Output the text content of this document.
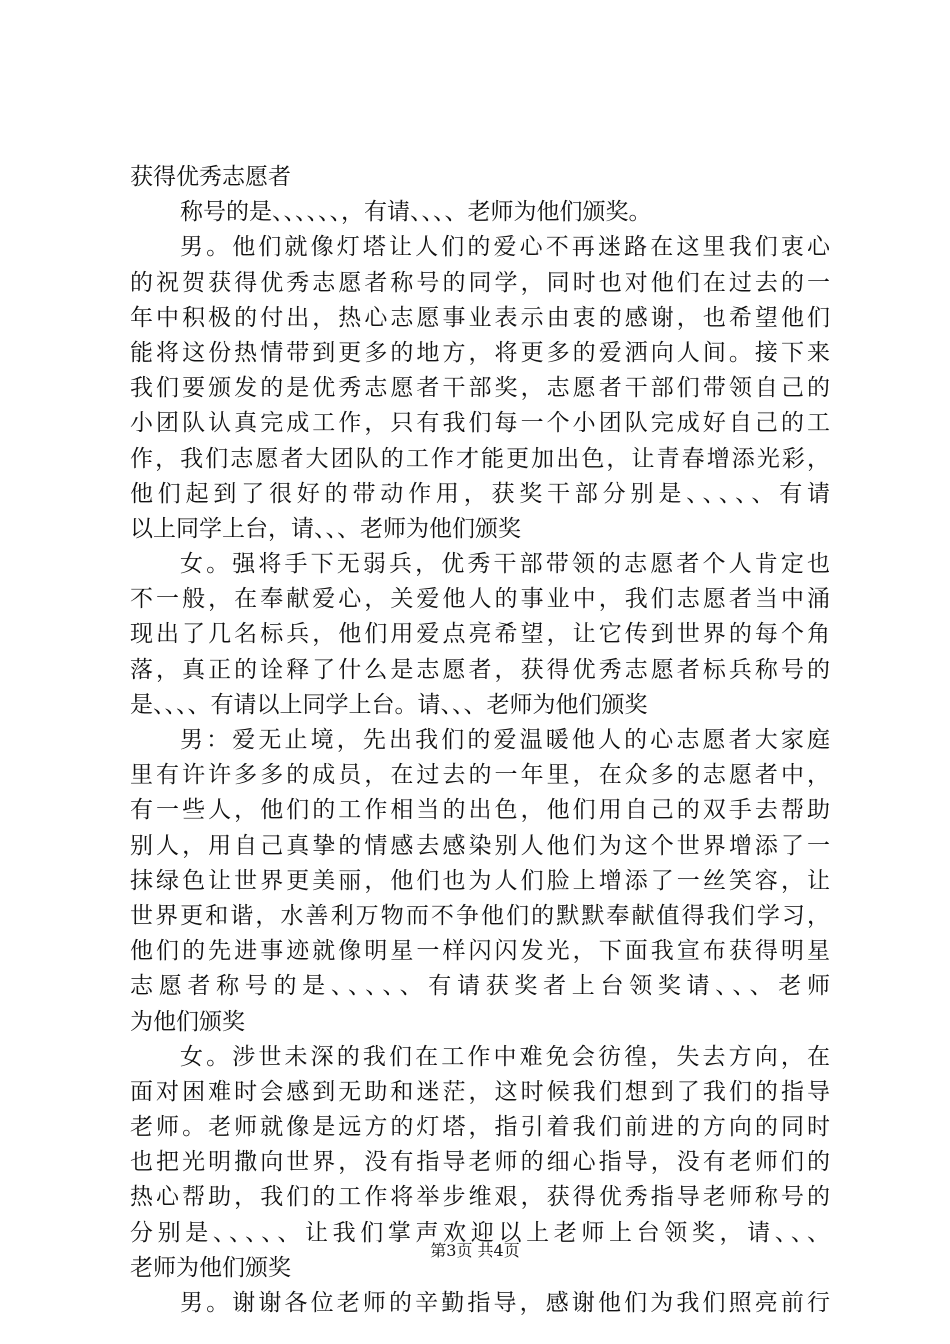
获得优秀志愿者

称号的是、、、、、、，有请、、、、老师为他们颁奖。

男。他们就像灯塔让人们的爱心不再迷路在这里我们衷心

的祝贺获得优秀志愿者称号的同学，同时也对他们在过去的一

年中积极的付出，热心志愿事业表示由衷的感谢，也希望他们

能将这份热情带到更多的地方，将更多的爱洒向人间。接下来

我们要颁发的是优秀志愿者干部奖，志愿者干部们带领自己的

小团队认真完成工作，只有我们每一个小团队完成好自己的工

作，我们志愿者大团队的工作才能更加出色，让青春增添光彩，

他们起到了很好的带动作用，获奖干部分别是、、、、、有请

以上同学上台，请、、、老师为他们颁奖

女。强将手下无弱兵，优秀干部带领的志愿者个人肯定也

不一般，在奉献爱心，关爱他人的事业中，我们志愿者当中涌

现出了几名标兵，他们用爱点亮希望，让它传到世界的每个角

落，真正的诠释了什么是志愿者，获得优秀志愿者标兵称号的

是、、、、有请以上同学上台。请、、、老师为他们颁奖

男：爱无止境，先出我们的爱温暖他人的心志愿者大家庭

里有许许多多的成员，在过去的一年里，在众多的志愿者中，

有一些人，他们的工作相当的出色，他们用自己的双手去帮助

别人，用自己真挚的情感去感染别人他们为这个世界增添了一

抹绿色让世界更美丽，他们也为人们脸上增添了一丝笑容，让

世界更和谐，水善利万物而不争他们的默默奉献值得我们学习，

他们的先进事迹就像明星一样闪闪发光，下面我宣布获得明星

志愿者称号的是、、、、、有请获奖者上台领奖请、、、老师

为他们颁奖

女。涉世未深的我们在工作中难免会彷徨，失去方向，在

面对困难时会感到无助和迷茫，这时候我们想到了我们的指导

老师。老师就像是远方的灯塔，指引着我们前进的方向的同时

也把光明撒向世界，没有指导老师的细心指导，没有老师们的

热心帮助，我们的工作将举步维艰，获得优秀指导老师称号的

分别是、、、、、让我们掌声欢迎以上老师上台领奖，请、、、

老师为他们颁奖

男。谢谢各位老师的辛勤指导，感谢他们为我们照亮前行

第3页 共4页
